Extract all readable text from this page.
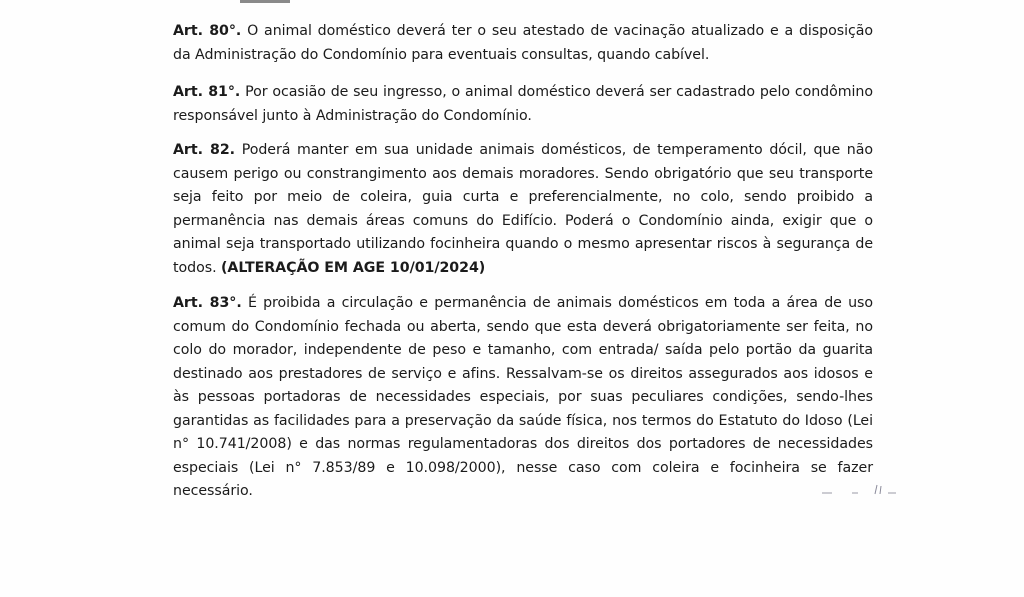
Art. 80°. O animal doméstico deverá ter o seu atestado de vacinação atualizado e a disposição da Administração do Condomínio para eventuais consultas, quando cabível.

Art. 81°. Por ocasião de seu ingresso, o animal doméstico deverá ser cadastrado pelo condômino responsável junto à Administração do Condomínio.

Art. 82. Poderá manter em sua unidade animais domésticos, de temperamento dócil, que não causem perigo ou constrangimento aos demais moradores. Sendo obrigatório que seu transporte seja feito por meio de coleira, guia curta e preferencialmente, no colo, sendo proibido a permanência nas demais áreas comuns do Edifício. Poderá o Condomínio ainda, exigir que o animal seja transportado utilizando focinheira quando o mesmo apresentar riscos à segurança de todos. (ALTERAÇÃO EM AGE 10/01/2024)

Art. 83°. É proibida a circulação e permanência de animais domésticos em toda a área de uso comum do Condomínio fechada ou aberta, sendo que esta deverá obrigatoriamente ser feita, no colo do morador, independente de peso e tamanho, com entrada/ saída pelo portão da guarita destinado aos prestadores de serviço e afins. Ressalvam-se os direitos assegurados aos idosos e às pessoas portadoras de necessidades especiais, por suas peculiares condições, sendo-lhes garantidas as facilidades para a preservação da saúde física, nos termos do Estatuto do Idoso (Lei n° 10.741/2008) e das normas regulamentadoras dos direitos dos portadores de necessidades especiais (Lei n° 7.853/89 e 10.098/2000), nesse caso com coleira e focinheira se fazer necessário.
